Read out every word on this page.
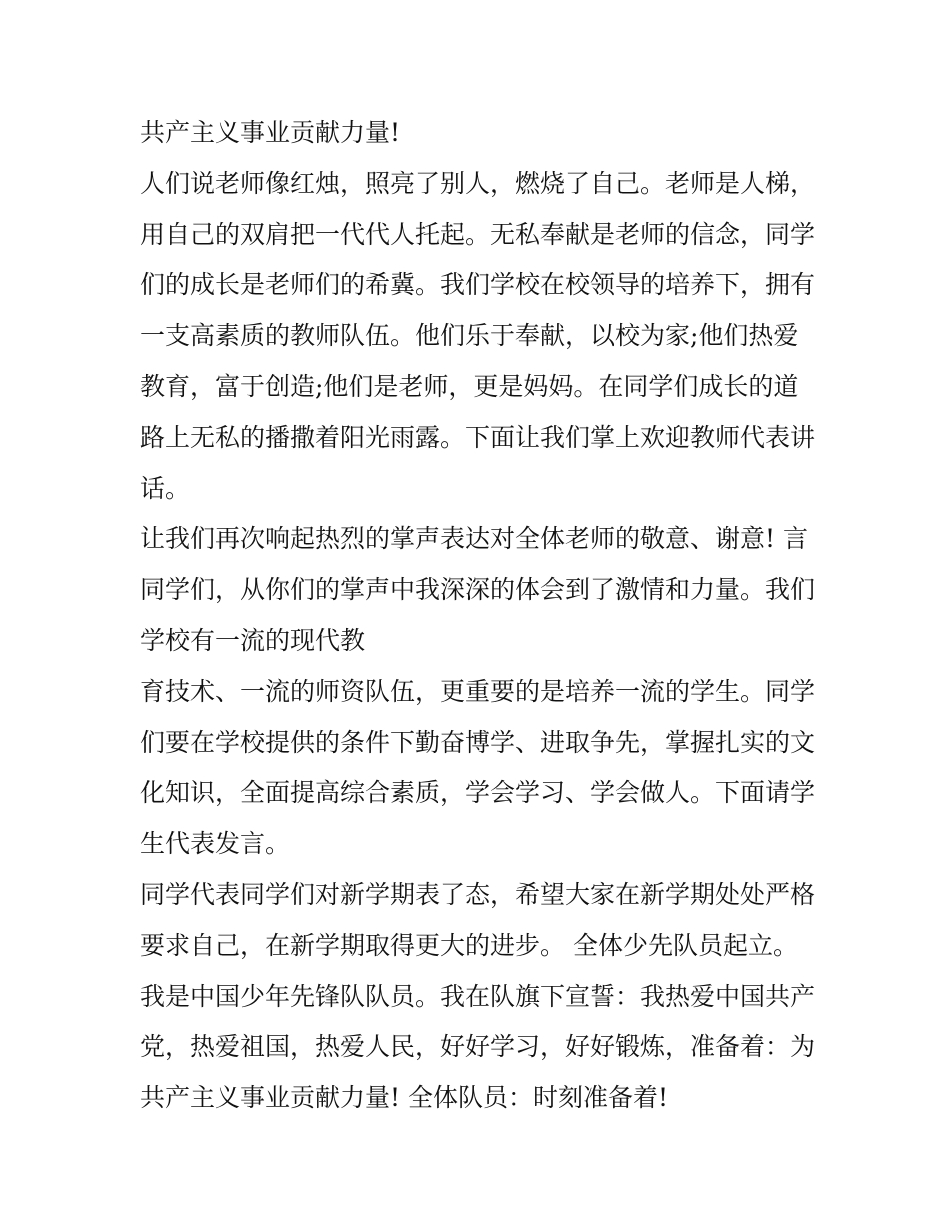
共产主义事业贡献力量!
人们说老师像红烛，照亮了别人，燃烧了自己。老师是人梯，
用自己的双肩把一代代人托起。无私奉献是老师的信念，同学
们的成长是老师们的希冀。我们学校在校领导的培养下，拥有
一支高素质的教师队伍。他们乐于奉献，以校为家;他们热爱
教育，富于创造;他们是老师，更是妈妈。在同学们成长的道
路上无私的播撒着阳光雨露。下面让我们掌上欢迎教师代表讲
话。
让我们再次响起热烈的掌声表达对全体老师的敬意、谢意! 言
同学们，从你们的掌声中我深深的体会到了激情和力量。我们
学校有一流的现代教
育技术、一流的师资队伍，更重要的是培养一流的学生。同学
们要在学校提供的条件下勤奋博学、进取争先，掌握扎实的文
化知识，全面提高综合素质，学会学习、学会做人。下面请学
生代表发言。
同学代表同学们对新学期表了态，希望大家在新学期处处严格
要求自己，在新学期取得更大的进步。 全体少先队员起立。
我是中国少年先锋队队员。我在队旗下宣誓：我热爱中国共产
党，热爱祖国，热爱人民，好好学习，好好锻炼，准备着：为
共产主义事业贡献力量! 全体队员：时刻准备着!
